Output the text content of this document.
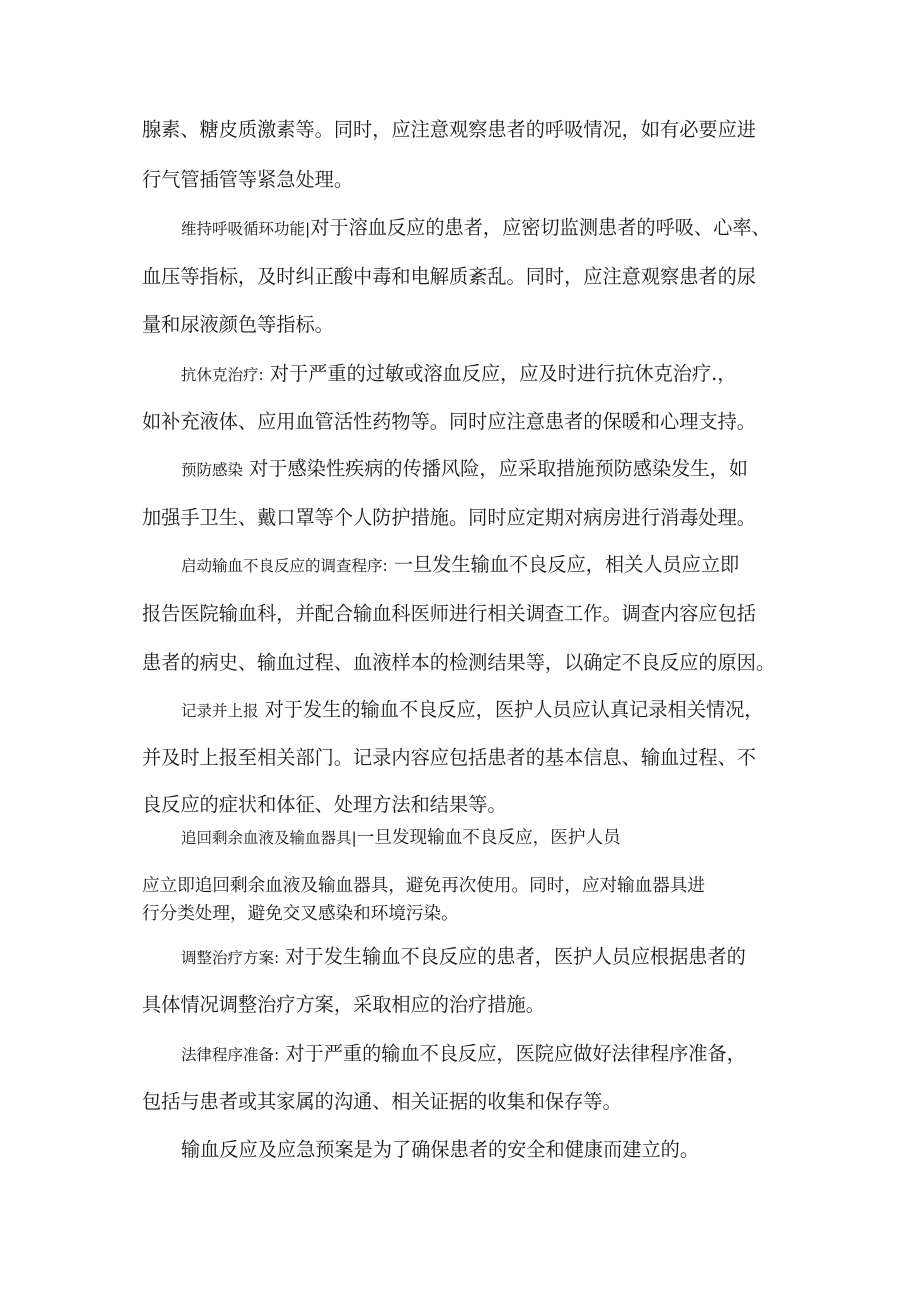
腺素、糖皮质激素等。同时，应注意观察患者的呼吸情况，如有必要应进
行气管插管等紧急处理。
维持呼吸循环功能|对于溶血反应的患者，应密切监测患者的呼吸、心率、
血压等指标，及时纠正酸中毒和电解质紊乱。同时，应注意观察患者的尿
量和尿液颜色等指标。
抗休克治疗: 对于严重的过敏或溶血反应，应及时进行抗休克治疗.，
如补充液体、应用血管活性药物等。同时应注意患者的保暖和心理支持。
预防感染 对于感染性疾病的传播风险，应采取措施预防感染发生，如
加强手卫生、戴口罩等个人防护措施。同时应定期对病房进行消毒处理。
启动输血不良反应的调查程序: 一旦发生输血不良反应，相关人员应立即
报告医院输血科，并配合输血科医师进行相关调查工作。调查内容应包括
患者的病史、输血过程、血液样本的检测结果等，以确定不良反应的原因。
记录并上报 对于发生的输血不良反应，医护人员应认真记录相关情况，
并及时上报至相关部门。记录内容应包括患者的基本信息、输血过程、不
良反应的症状和体征、处理方法和结果等。
追回剩余血液及输血器具|一旦发现输血不良反应，医护人员
应立即追回剩余血液及输血器具，避免再次使用。同时，应对输血器具进
行分类处理，避免交叉感染和环境污染。
调整治疗方案: 对于发生输血不良反应的患者，医护人员应根据患者的
具体情况调整治疗方案，采取相应的治疗措施。
法律程序准备: 对于严重的输血不良反应，医院应做好法律程序准备，
包括与患者或其家属的沟通、相关证据的收集和保存等。
输血反应及应急预案是为了确保患者的安全和健康而建立的。
